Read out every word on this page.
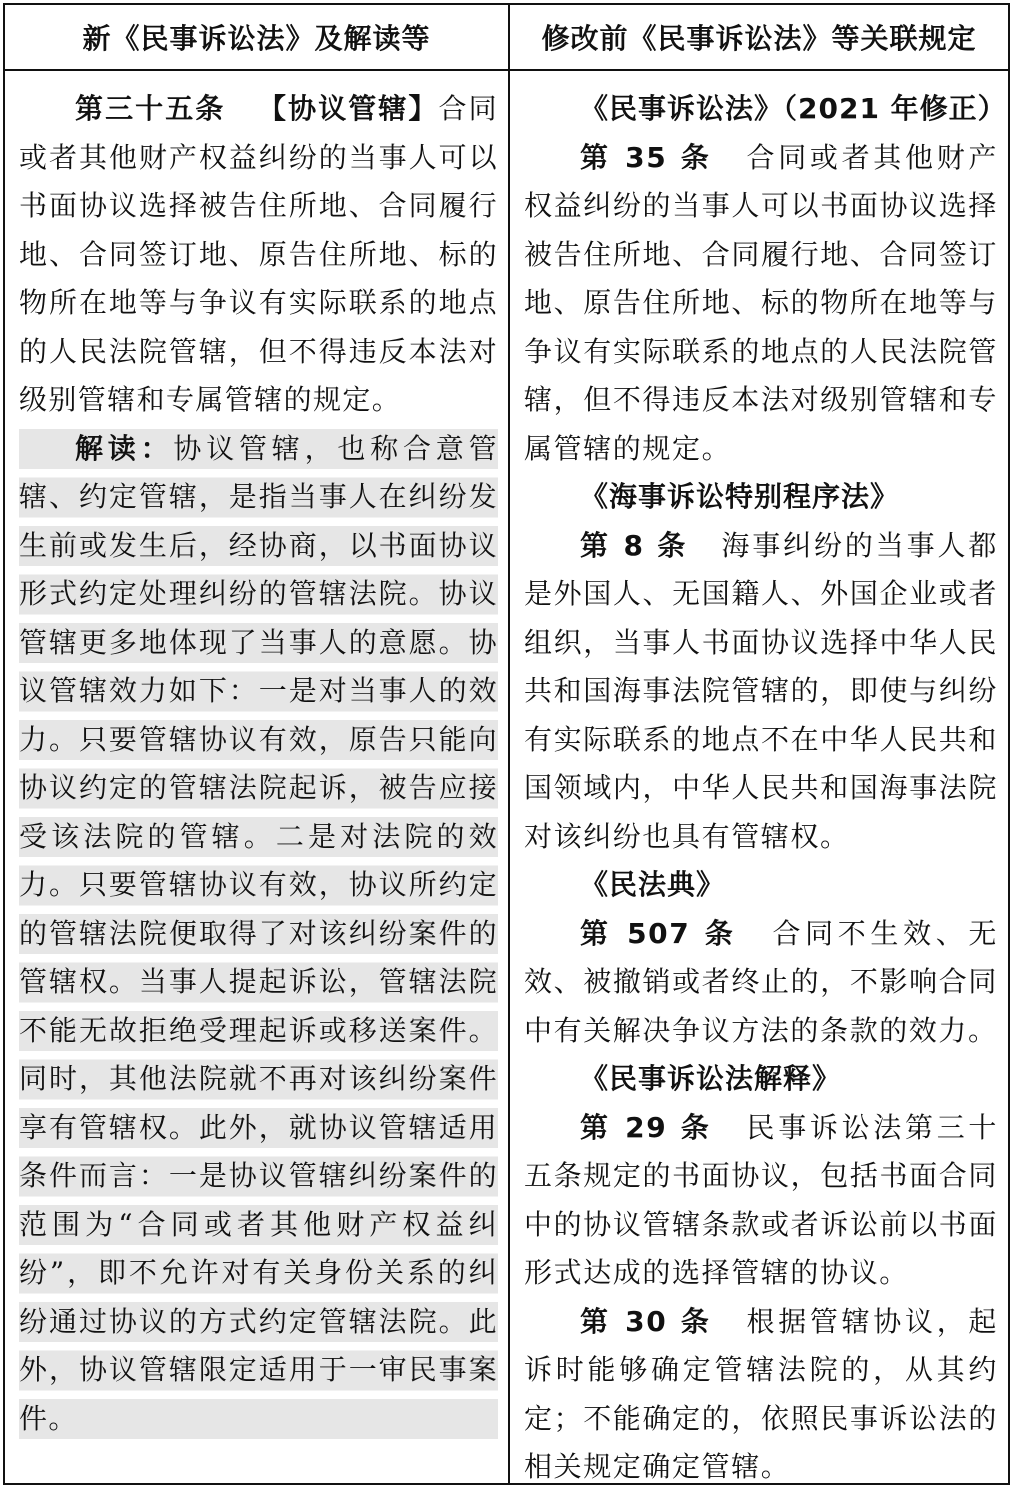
新《民事诉讼法》及解读等	修改前《民事诉讼法》等关联规定

第三十五条 【协议管辖】合同或者其他财产权益纠纷的当事人可以书面协议选择被告住所地、合同履行地、合同签订地、原告住所地、标的物所在地等与争议有实际联系的地点的人民法院管辖，但不得违反本法对级别管辖和专属管辖的规定。

解读：协议管辖，也称合意管辖、约定管辖，是指当事人在纠纷发生前或发生后，经协商，以书面协议形式约定处理纠纷的管辖法院。协议管辖更多地体现了当事人的意愿。协议管辖效力如下：一是对当事人的效力。只要管辖协议有效，原告只能向协议约定的管辖法院起诉，被告应接受该法院的管辖。二是对法院的效力。只要管辖协议有效，协议所约定的管辖法院便取得了对该纠纷案件的管辖权。当事人提起诉讼，管辖法院不能无故拒绝受理起诉或移送案件。同时，其他法院就不再对该纠纷案件享有管辖权。此外，就协议管辖适用条件而言：一是协议管辖纠纷案件的范围为“合同或者其他财产权益纠纷”，即不允许对有关身份关系的纠纷通过协议的方式约定管辖法院。此外，协议管辖限定适用于一审民事案件。

《民事诉讼法》（2021 年修正）

第 35 条 合同或者其他财产权益纠纷的当事人可以书面协议选择被告住所地、合同履行地、合同签订地、原告住所地、标的物所在地等与争议有实际联系的地点的人民法院管辖，但不得违反本法对级别管辖和专属管辖的规定。

《海事诉讼特别程序法》

第 8 条 海事纠纷的当事人都是外国人、无国籍人、外国企业或者组织，当事人书面协议选择中华人民共和国海事法院管辖的，即使与纠纷有实际联系的地点不在中华人民共和国领域内，中华人民共和国海事法院对该纠纷也具有管辖权。

《民法典》

第 507 条 合同不生效、无效、被撤销或者终止的，不影响合同中有关解决争议方法的条款的效力。

《民事诉讼法解释》

第 29 条 民事诉讼法第三十五条规定的书面协议，包括书面合同中的协议管辖条款或者诉讼前以书面形式达成的选择管辖的协议。

第 30 条 根据管辖协议，起诉时能够确定管辖法院的，从其约定；不能确定的，依照民事诉讼法的相关规定确定管辖。
